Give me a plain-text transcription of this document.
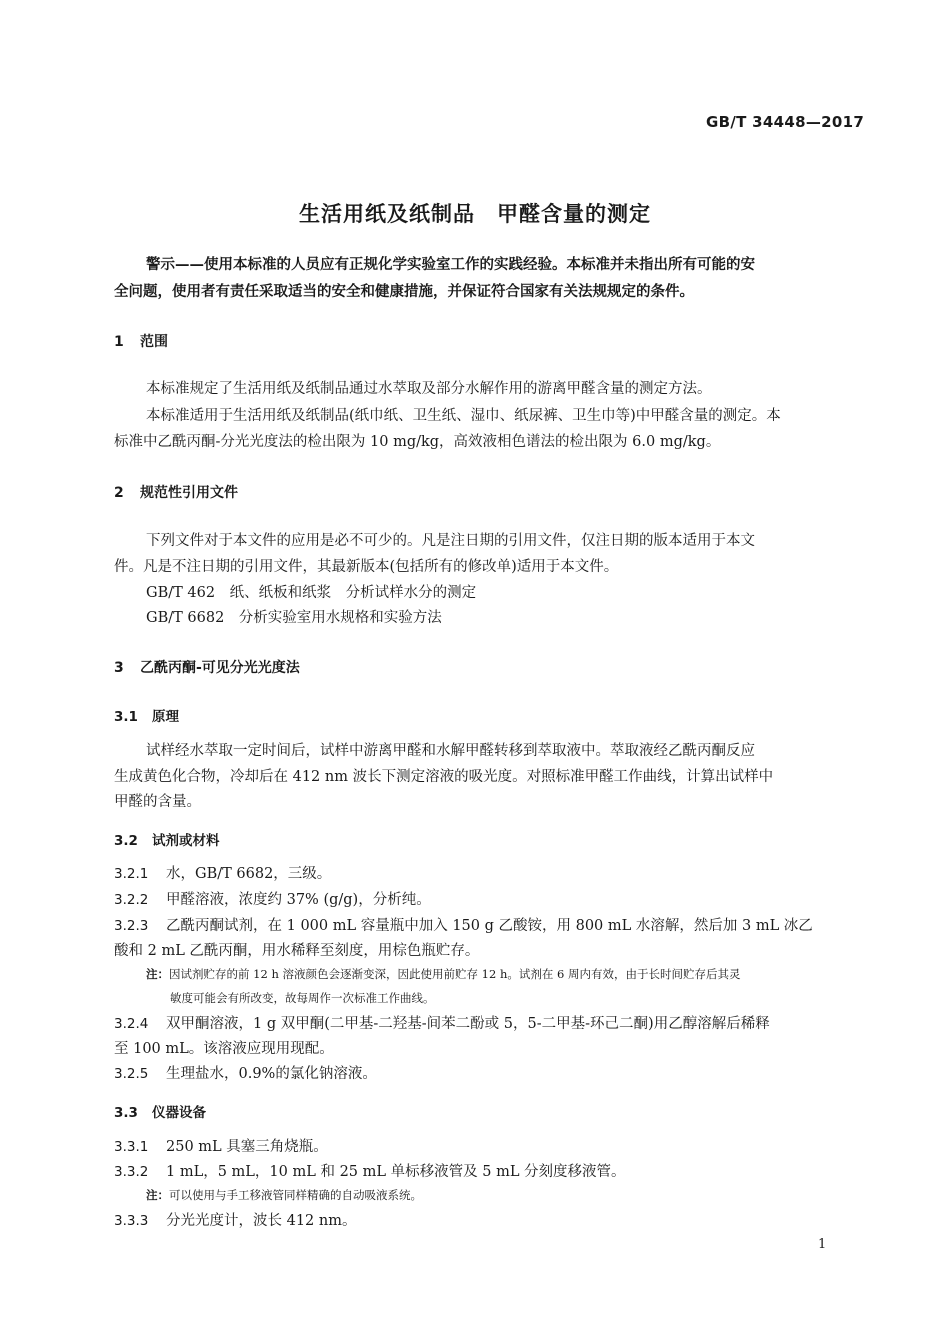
GB/T 34448—2017
生活用纸及纸制品　甲醛含量的测定
警示——使用本标准的人员应有正规化学实验室工作的实践经验。本标准并未指出所有可能的安
全问题，使用者有责任采取适当的安全和健康措施，并保证符合国家有关法规规定的条件。
1 范围
本标准规定了生活用纸及纸制品通过水萃取及部分水解作用的游离甲醛含量的测定方法。
本标准适用于生活用纸及纸制品(纸巾纸、卫生纸、湿巾、纸尿裤、卫生巾等)中甲醛含量的测定。本
标准中乙酰丙酮-分光光度法的检出限为 10 mg/kg，高效液相色谱法的检出限为 6.0 mg/kg。
2 规范性引用文件
下列文件对于本文件的应用是必不可少的。凡是注日期的引用文件，仅注日期的版本适用于本文
件。凡是不注日期的引用文件，其最新版本(包括所有的修改单)适用于本文件。
GB/T 462　纸、纸板和纸浆　分析试样水分的测定
GB/T 6682　分析实验室用水规格和实验方法
3 乙酰丙酮-可见分光光度法
3.1 原理
试样经水萃取一定时间后，试样中游离甲醛和水解甲醛转移到萃取液中。萃取液经乙酰丙酮反应
生成黄色化合物，冷却后在 412 nm 波长下测定溶液的吸光度。对照标准甲醛工作曲线，计算出试样中
甲醛的含量。
3.2 试剂或材料
3.2.1 水，GB/T 6682，三级。
3.2.2 甲醛溶液，浓度约 37% (g/g)，分析纯。
3.2.3 乙酰丙酮试剂，在 1 000 mL 容量瓶中加入 150 g 乙酸铵，用 800 mL 水溶解，然后加 3 mL 冰乙
酸和 2 mL 乙酰丙酮，用水稀释至刻度，用棕色瓶贮存。
注：因试剂贮存的前 12 h 溶液颜色会逐渐变深，因此使用前贮存 12 h。试剂在 6 周内有效，由于长时间贮存后其灵
敏度可能会有所改变，故每周作一次标准工作曲线。
3.2.4 双甲酮溶液，1 g 双甲酮(二甲基-二羟基-间苯二酚或 5，5-二甲基-环己二酮)用乙醇溶解后稀释
至 100 mL。该溶液应现用现配。
3.2.5 生理盐水，0.9%的氯化钠溶液。
3.3 仪器设备
3.3.1 250 mL 具塞三角烧瓶。
3.3.2 1 mL，5 mL，10 mL 和 25 mL 单标移液管及 5 mL 分刻度移液管。
注：可以使用与手工移液管同样精确的自动吸液系统。
3.3.3 分光光度计，波长 412 nm。
1
